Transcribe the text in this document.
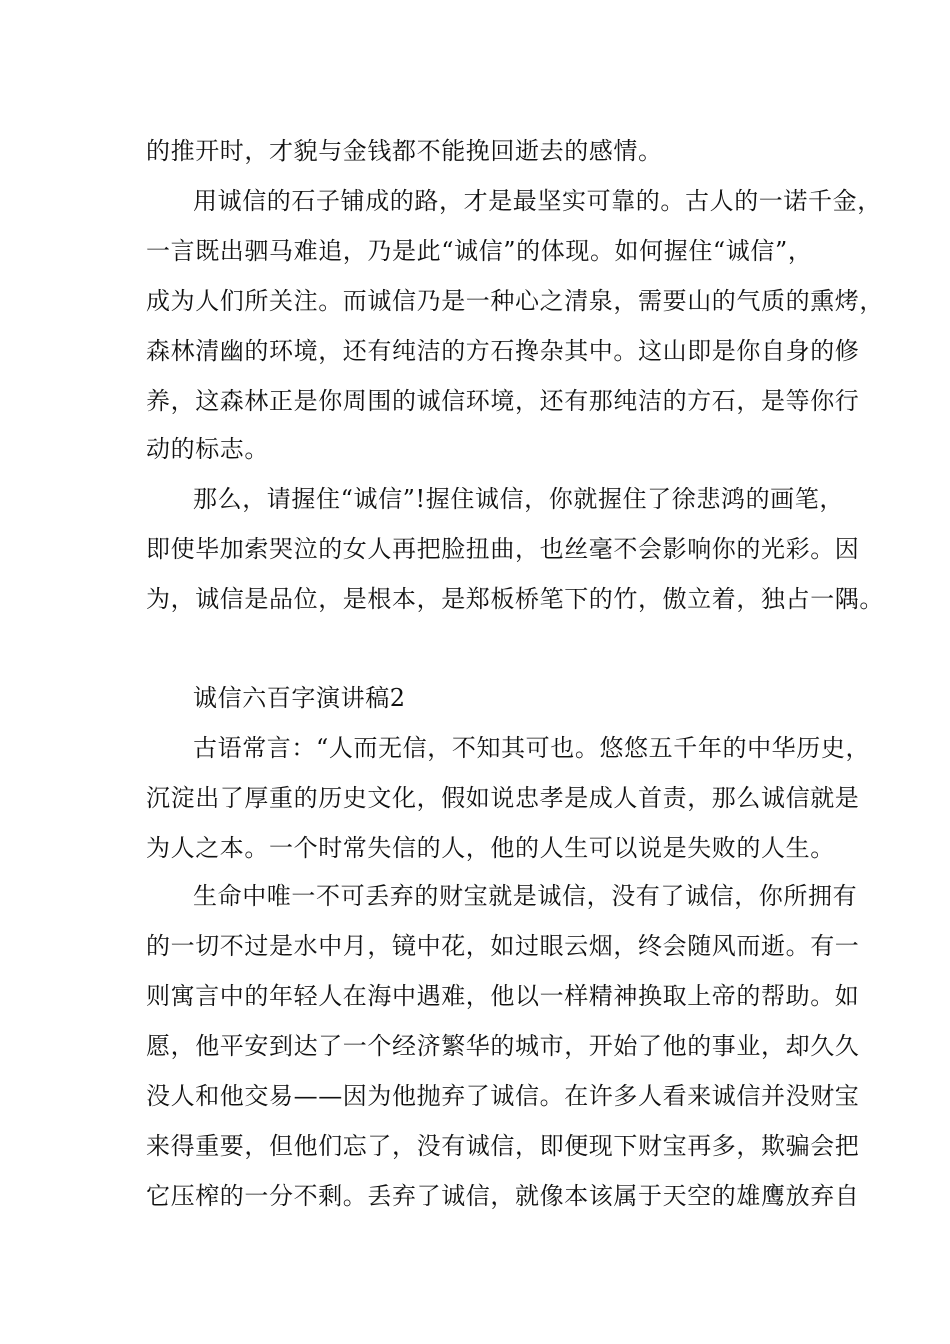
的推开时，才貌与金钱都不能挽回逝去的感情。
用诚信的石子铺成的路，才是最坚实可靠的。古人的一诺千金，
一言既出驷马难追，乃是此“诚信”的体现。如何握住“诚信”，
成为人们所关注。而诚信乃是一种心之清泉，需要山的气质的熏烤，
森林清幽的环境，还有纯洁的方石搀杂其中。这山即是你自身的修
养，这森林正是你周围的诚信环境，还有那纯洁的方石，是等你行
动的标志。
那么，请握住“诚信”!握住诚信，你就握住了徐悲鸿的画笔，
即使毕加索哭泣的女人再把脸扭曲，也丝毫不会影响你的光彩。因
为，诚信是品位，是根本，是郑板桥笔下的竹，傲立着，独占一隅。
诚信六百字演讲稿2
古语常言：“人而无信，不知其可也。悠悠五千年的中华历史，
沉淀出了厚重的历史文化，假如说忠孝是成人首责，那么诚信就是
为人之本。一个时常失信的人，他的人生可以说是失败的人生。
生命中唯一不可丢弃的财宝就是诚信，没有了诚信，你所拥有
的一切不过是水中月，镜中花，如过眼云烟，终会随风而逝。有一
则寓言中的年轻人在海中遇难，他以一样精神换取上帝的帮助。如
愿，他平安到达了一个经济繁华的城市，开始了他的事业，却久久
没人和他交易——因为他抛弃了诚信。在许多人看来诚信并没财宝
来得重要，但他们忘了，没有诚信，即便现下财宝再多，欺骗会把
它压榨的一分不剩。丢弃了诚信，就像本该属于天空的雄鹰放弃自
